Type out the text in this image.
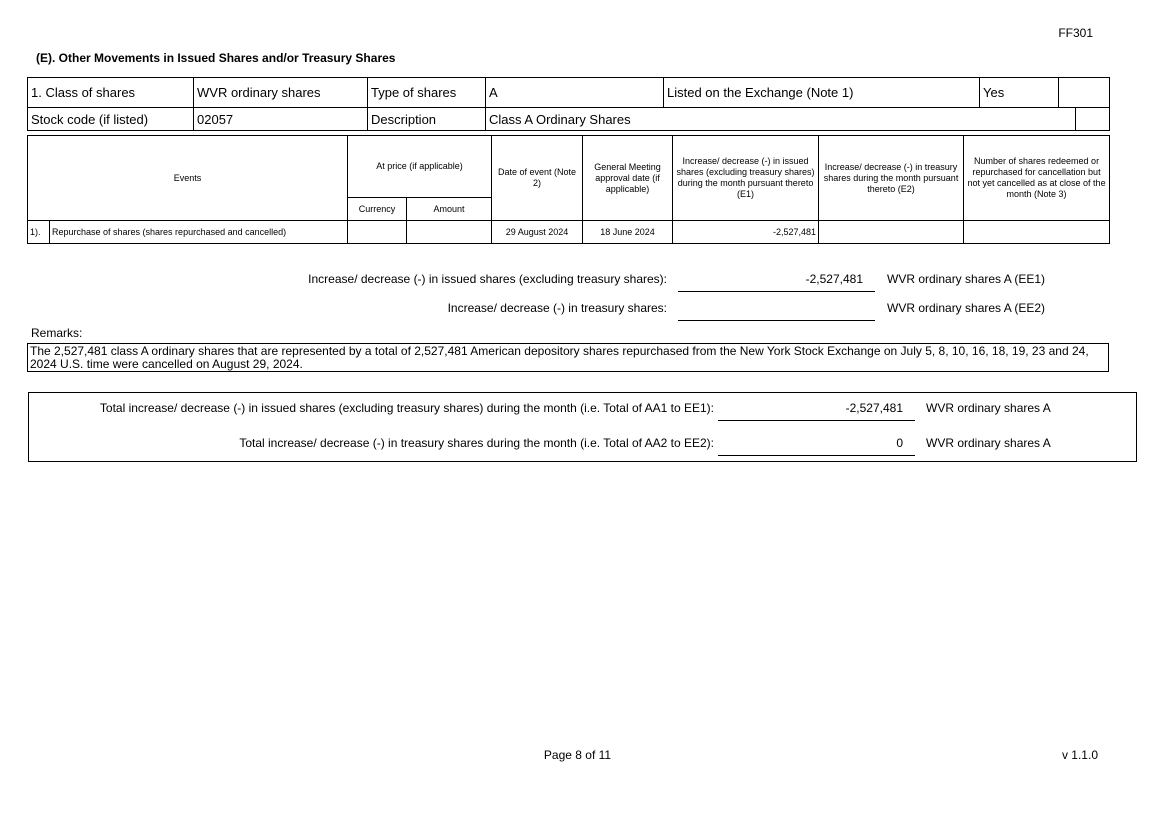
FF301
(E). Other Movements in Issued Shares and/or Treasury Shares
1. Class of shares	WVR ordinary shares	Type of shares	A	Listed on the Exchange (Note 1)	Yes		
Stock code (if listed)	02057	Description	Class A Ordinary Shares				
Events		At price (if applicable)		Date of event (Note 2)	General Meeting approval date (if applicable)	Increase/ decrease (-) in issued shares (excluding treasury shares) during the month pursuant thereto (E1)	Increase/ decrease (-) in treasury shares during the month pursuant thereto (E2)	Number of shares redeemed or repurchased for cancellation but not yet cancelled as at close of the month (Note 3)
		Currency	Amount					
1).	Repurchase of shares (shares repurchased and cancelled)			29 August 2024	18 June 2024	-2,527,481		
Increase/ decrease (-) in issued shares (excluding treasury shares):	-2,527,481	WVR ordinary shares A (EE1)
Increase/ decrease (-) in treasury shares:	WVR ordinary shares A (EE2)
Remarks:
The 2,527,481 class A ordinary shares that are represented by a total of 2,527,481 American depository shares repurchased from the New York Stock Exchange on July 5, 8, 10, 16, 18, 19, 23 and 24, 2024 U.S. time were cancelled on August 29, 2024.
Total increase/ decrease (-) in issued shares (excluding treasury shares) during the month (i.e. Total of AA1 to EE1):	-2,527,481	WVR ordinary shares A
Total increase/ decrease (-) in treasury shares during the month (i.e. Total of AA2 to EE2):	0	WVR ordinary shares A
Page 8 of 11	v 1.1.0
